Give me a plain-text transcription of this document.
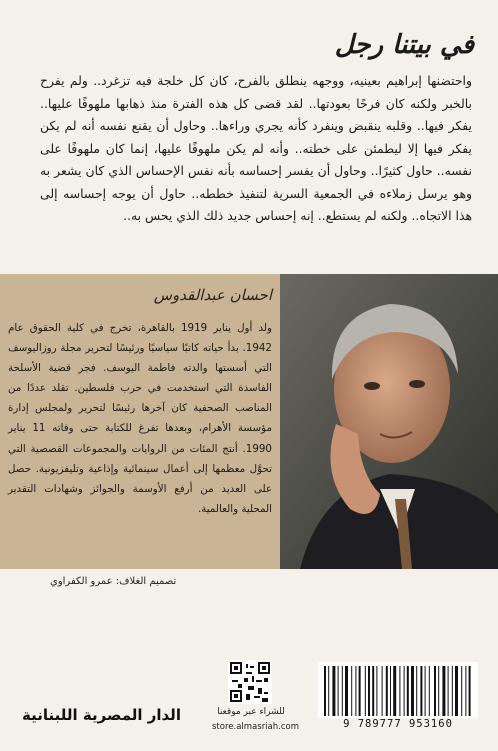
في بيتنا رجل

واحتضنها إبراهيم بعينيه، ووجهه ينطلق بالفرح، كان كل خلجة فيه تزغرد.. ولم يفرح بالخبر ولكنه كان فرحًا بعودتها.. لقد قضى كل هذه الفترة منذ ذهابها ملهوفًا عليها.. يفكر فيها.. وقلبه ينقبض وينفرد كأنه يجري وراءها.. وحاول أن يقنع نفسه أنه لم يكن يفكر فيها إلا ليطمئن على خطته.. وأنه لم يكن ملهوفًا عليها، إنما كان ملهوفًا على نفسه.. حاول كثيرًا.. وحاول أن يفسر إحساسه بأنه نفس الإحساس الذي كان يشعر به وهو يرسل زملاءه في الجمعية السرية لتنفيذ خططه.. حاول أن يوجه إحساسه إلى هذا الاتجاه.. ولكنه لم يستطع.. إنه إحساس جديد ذلك الذي يحس به..

احسان عبدالقدوس

ولد أول يناير 1919 بالقاهرة، تخرج في كلية الحقوق عام 1942. بدأ حياته كاتبًا سياسيًا ورئيسًا لتحرير مجلة روزاليوسف التي أسستها والدته فاطمة اليوسف. فجر قضية الأسلحة الفاسدة التي استخدمت في حرب فلسطين. تقلد عددًا من المناصب الصحفية كان آخرها رئيسًا لتحرير ولمجلس إدارة مؤسسة الأهرام، وبعدها تفرغ للكتابة حتى وفاته 11 يناير 1990. أنتج المئات من الروايات والمجموعات القصصية التي تحوَّل معظمها إلى أعمال سينمائية وإذاعية وتليفزيونية. حصل على العديد من أرفع الأوسمة والجوائز وشهادات التقدير المحلية والعالمية.

تصميم الغلاف: عمرو الكفراوي
الدار المصرية اللبنانية	للشراء عبر موقعنا
store.almasriah.com	9 789777 953160
